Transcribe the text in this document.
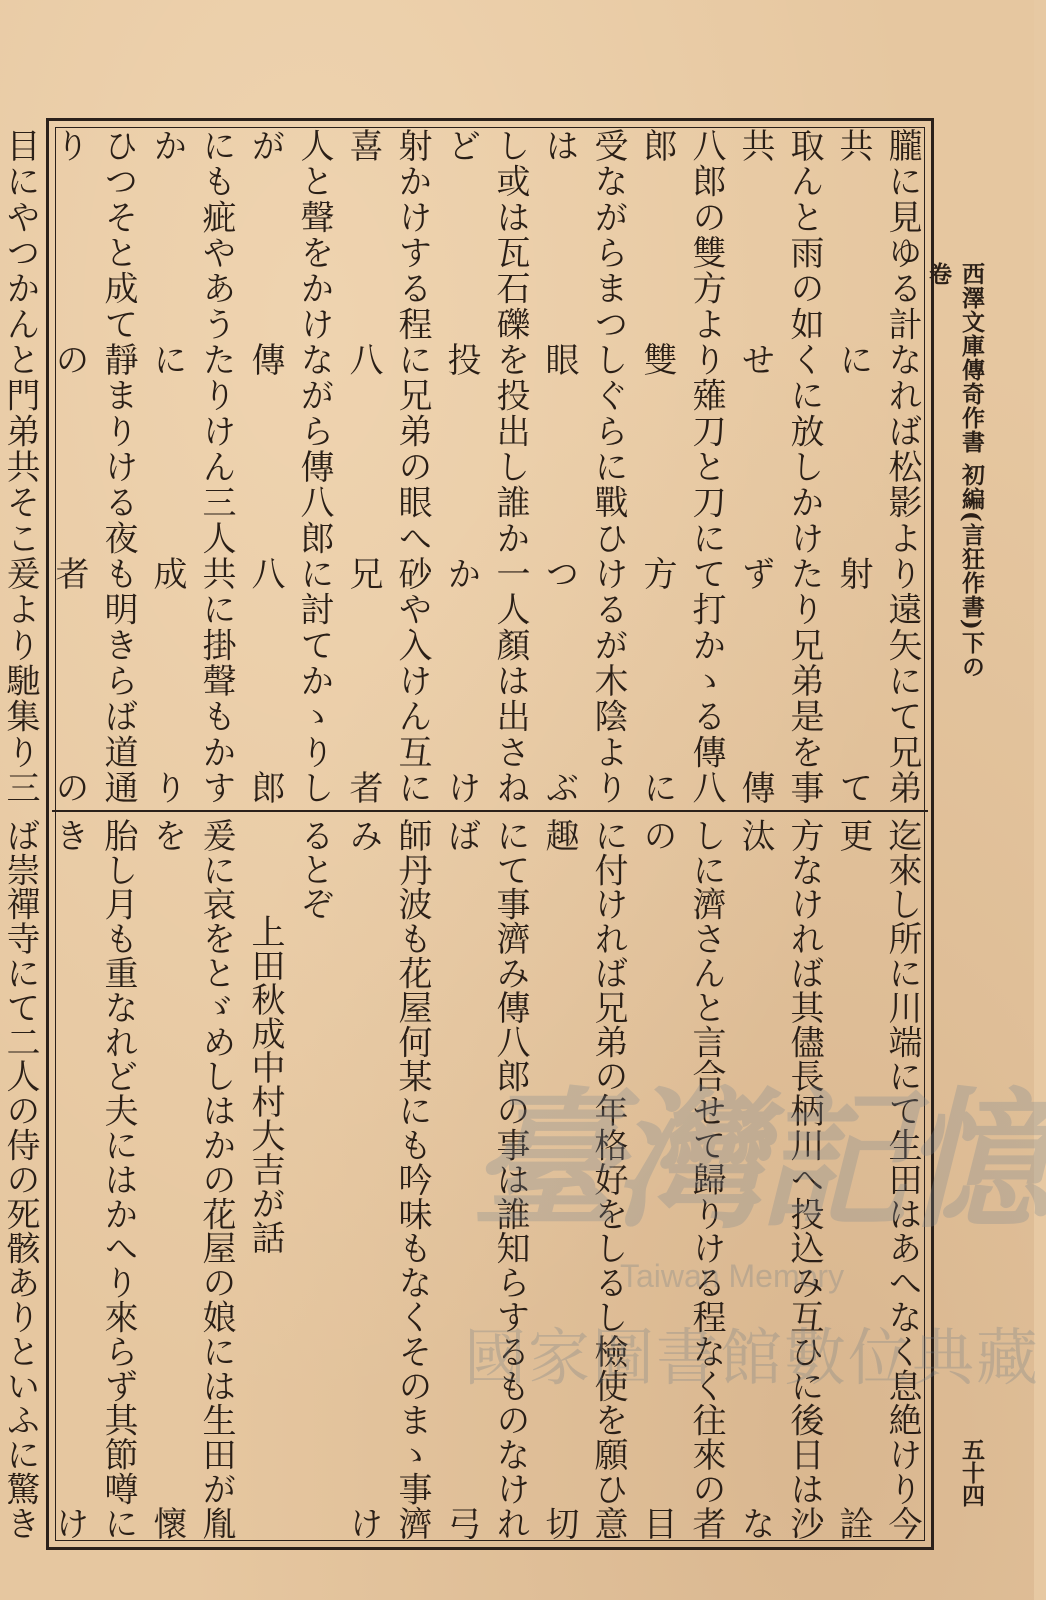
西澤文庫傳奇作書 初編(言狂作書)下の卷
五十四
朧に見ゆる計なれば松影より遠矢にて兄弟共に射て
取んと雨の如くに放しかけたり兄弟是を事共せず傳
八郎の雙方より薙刀と刀にて打かゝる傳八郎雙方に
受ながらまつしぐらに戰ひけるが木陰よりは眼つぶ
し或は瓦石礫を投出し誰か一人顏は出さねど投かけ
射かけする程に兄弟の眼へ砂や入けん互に喜八兄者
人と聲をかけながら傳八郎に討てかゝりしが傳八郎
にも疵やあうたりけん三人共に掛聲もかすかに成り
ひつそと成て靜まりける夜も明きらば道通りの者の
目にやつかんと門弟共そこ爰より馳集り三
迄來し所に川端にて生田はあへなく息絶けり今更詮
方なければ其儘長柄川へ投込み互ひに後日は沙汰な
しに濟さんと言合せて歸りける程なく往來の者の目
に付ければ兄弟の年格好をしるし檢使を願ひ意趣切
にて事濟み傳八郎の事は誰知らするものなければ弓
師丹波も花屋何某にも吟味もなくそのまゝ事濟みけ
るとぞ
上田秋成中村大吉が話
爰に哀をとゞめしはかの花屋の娘には生田が胤を懷
胎し月も重なれど夫にはかへり來らず其節噂にきけ
ば崇禪寺にて二人の侍の死骸ありといふに驚き
臺灣記憶
Taiwan Memory
國家圖書館數位典藏
